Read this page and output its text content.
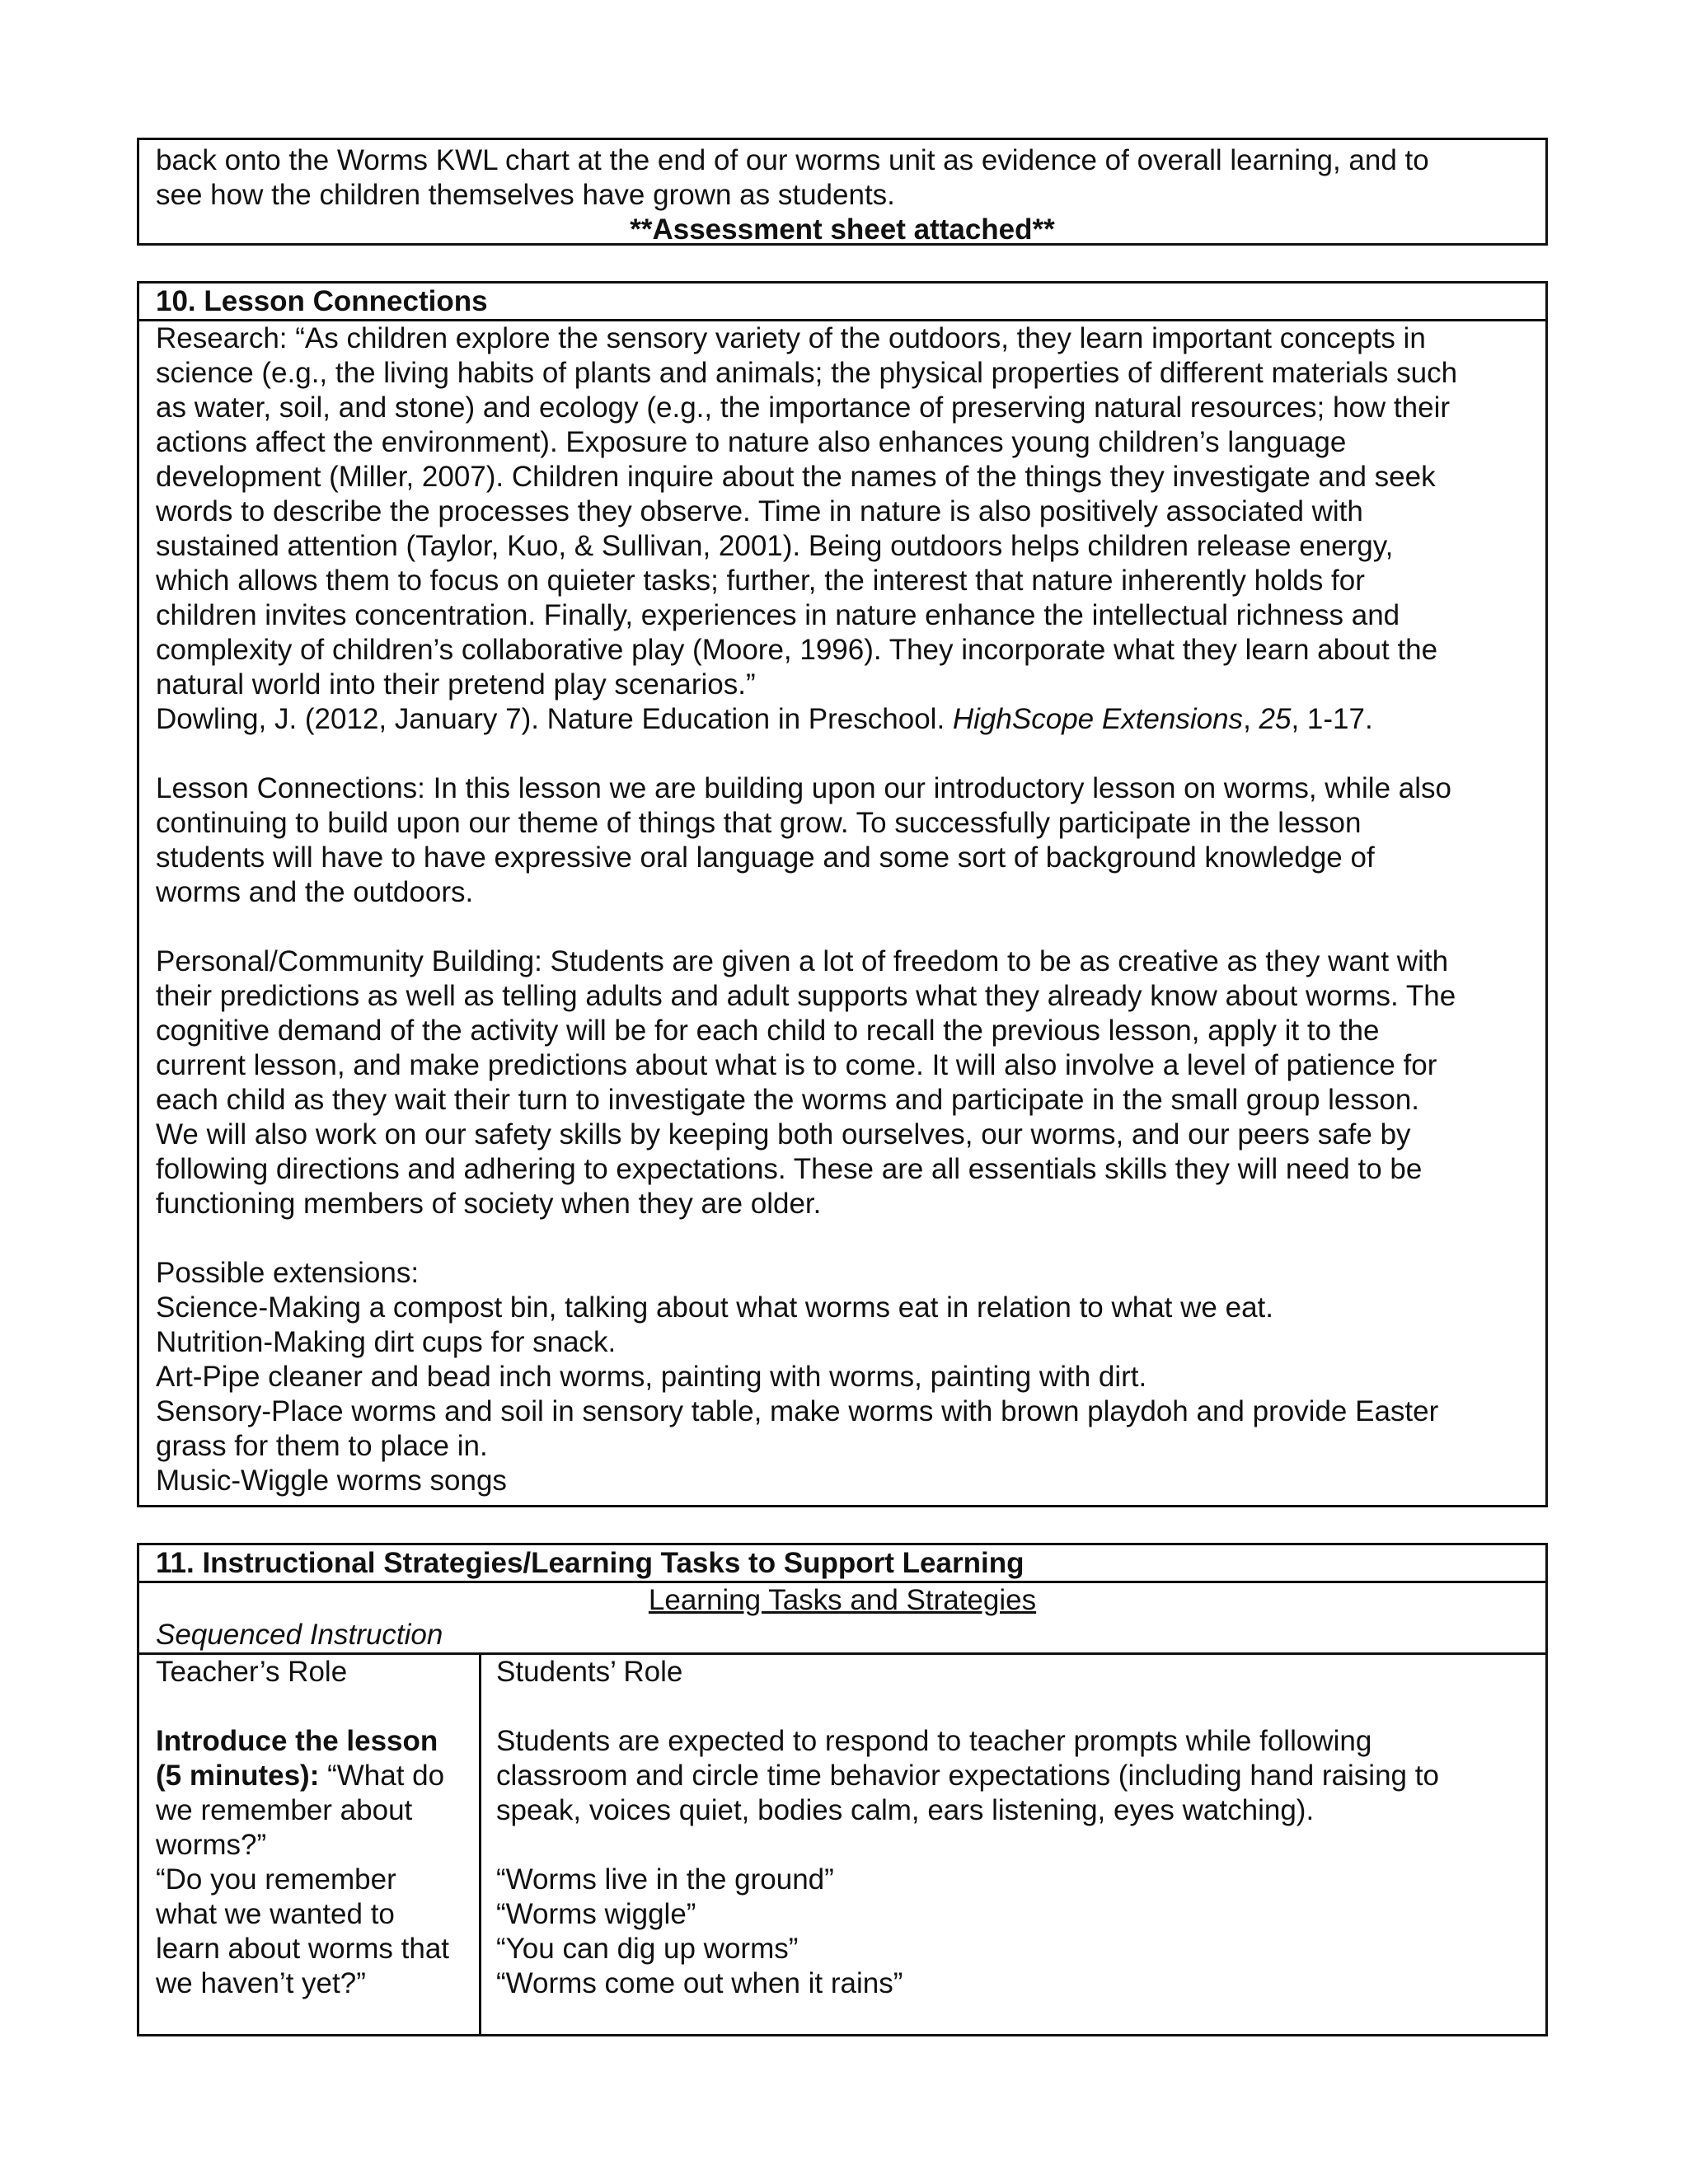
back onto the Worms KWL chart at the end of our worms unit as evidence of overall learning, and to
see how the children themselves have grown as students.
**Assessment sheet attached**
10. Lesson Connections
Research: “As children explore the sensory variety of the outdoors, they learn important concepts in
science (e.g., the living habits of plants and animals; the physical properties of different materials such
as water, soil, and stone) and ecology (e.g., the importance of preserving natural resources; how their
actions affect the environment). Exposure to nature also enhances young children’s language
development (Miller, 2007). Children inquire about the names of the things they investigate and seek
words to describe the processes they observe. Time in nature is also positively associated with
sustained attention (Taylor, Kuo, & Sullivan, 2001). Being outdoors helps children release energy,
which allows them to focus on quieter tasks; further, the interest that nature inherently holds for
children invites concentration. Finally, experiences in nature enhance the intellectual richness and
complexity of children’s collaborative play (Moore, 1996). They incorporate what they learn about the
natural world into their pretend play scenarios.”
Dowling, J. (2012, January 7). Nature Education in Preschool. HighScope Extensions, 25, 1-17.
Lesson Connections: In this lesson we are building upon our introductory lesson on worms, while also
continuing to build upon our theme of things that grow. To successfully participate in the lesson
students will have to have expressive oral language and some sort of background knowledge of
worms and the outdoors.
Personal/Community Building: Students are given a lot of freedom to be as creative as they want with
their predictions as well as telling adults and adult supports what they already know about worms. The
cognitive demand of the activity will be for each child to recall the previous lesson, apply it to the
current lesson, and make predictions about what is to come. It will also involve a level of patience for
each child as they wait their turn to investigate the worms and participate in the small group lesson.
We will also work on our safety skills by keeping both ourselves, our worms, and our peers safe by
following directions and adhering to expectations. These are all essentials skills they will need to be
functioning members of society when they are older.
Possible extensions:
Science-Making a compost bin, talking about what worms eat in relation to what we eat.
Nutrition-Making dirt cups for snack.
Art-Pipe cleaner and bead inch worms, painting with worms, painting with dirt.
Sensory-Place worms and soil in sensory table, make worms with brown playdoh and provide Easter
grass for them to place in.
Music-Wiggle worms songs
11. Instructional Strategies/Learning Tasks to Support Learning
Learning Tasks and Strategies
Sequenced Instruction
Teacher’s Role
Introduce the lesson
(5 minutes): “What do
we remember about
worms?”
“Do you remember
what we wanted to
learn about worms that
we haven’t yet?”
Students’ Role
Students are expected to respond to teacher prompts while following
classroom and circle time behavior expectations (including hand raising to
speak, voices quiet, bodies calm, ears listening, eyes watching).
“Worms live in the ground”
“Worms wiggle”
“You can dig up worms”
“Worms come out when it rains”
